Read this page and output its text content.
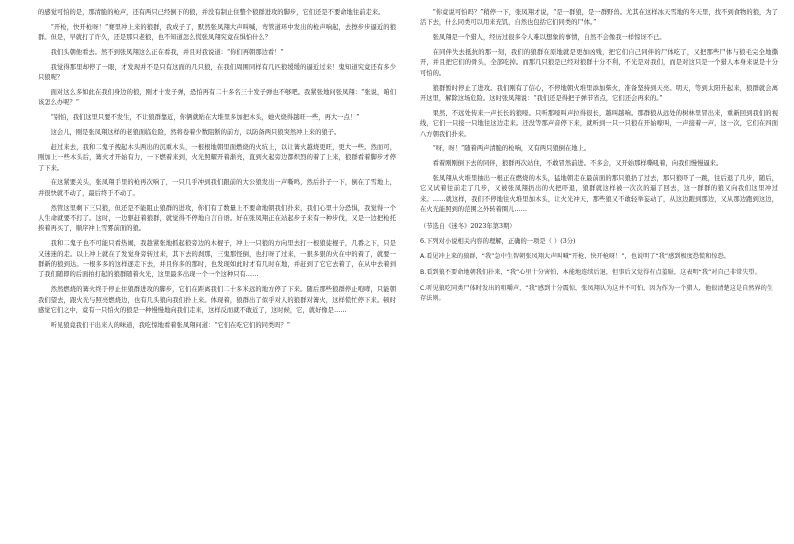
的感觉可怕的是，那清脆的枪声，还有两只已经倒下的狼，并没有制止住整个狼群进攻的脚步，它们还是不要命地往前走来。

“开枪，快开枪呀！”赛里冲上来的狼群，我成子了，默然张凤翔大声叫喊，弯管道环中发出的枪声响起，去擦步步逼近的狼群。但是，早就打了许久，还是那只老狼，也不知道怎么慌张凤翔究竟在惧怕什么？

我们头朝他看去。然不到张凤翔这么正在看我，并且对我说道：“你们再朝那边看！”

我觉得那里却停了一眼，才发现并不是只有这面的几只狼，在我们周围同样有几匹狼缓缓的逼近过来！鬼知道究竟还有多少只狼呢？

面对这么多如此在我们身边的狼，刚才十发子弹，恐怕再有二十多名三十发子弹也不够吧。我紧张地问张凤翔：“张说，咱们该怎么办呢？”

“别怕，我们这里只要不发生，不让狼群靠近，你俩就贴在大堆里多加把木头，她火烧得越旺一些，再大一点！”

这会儿，刚是张凤翔这样的老狼面临危险，然将卷着少数阻断的前方，以防备两只狼突然冲上来的狼子。

赶过来去，我和二鬼子拽起木头两出的沉重木头，一根根地朝里面燃烧的火坑上，以让篝火越烧更旺，更大一些。然而可，刚加上一些木头后，篝火才开始有力，一下燃着来到，火光照耀开着渐亮，直到火起旁边都炽烈的着了上来，狼群看着脚步才停了下来。

在这紧要关头，张凤翔手里的枪再次响了，一只几乎冲到我们跟前的大公狼发出一声嘶鸣，然后扑子一下，倒在了雪地上，并很快就不动了，最后终于不动了。

然管这里剩下三只狼，但还是不能阻止狼群的进攻，你们有了数量上不要命地朝我们扑来，我们心里十分恐惧，我觉得一个人生命就要不打了。这时，一边驱赶着狼群，就觉得不停地自言自语。好在张凤翔正在站起步子来有一种步伐，又是一边把枪托挨着再买了，顺序冲上雪雾前面的狼。

我和二鬼子也不可能只看热闹，我趁紧张地抓起狼旁边的木棍子，冲上一只狼的方向里去打一根狼徒棍子，几番之下，只是又迷迷的走。以上冲上就在了发觉身旁转过来，其下去的刹那，三鬼那怪倒，也打呀了过来，一狠多狠的火在中的着了，就要一群新的狼到达。一根多多的这样逐走下去，并且你多的那时，也发现如此时才有几时在地，并赶到了它它去着了，在从中去着到了我们随即的后面拍打起的狼群随着火光，这里最多出现一个一个这种只有……

然然燃烧的篝火终于停止住狼群进攻的脚步，它们在距离我们二十多米远的地方停了下来。随后那些狼群停止咆哮，只能朝我们望去，跟火光与照亮燃烧边，也有几头狼向我们扑上来。体现着，狼群出了似乎对人的狼群对篝火，这样慌忙停下来。顿时感觉它们之中，竟有一只怕火的狼是一种慢慢地向我们走来，这样反而就不敢近了，这时候，它，就好像是……

听见狼竟我们干出来人的味道，我吃惊地看着张凤翔问道：“它们在吃它们的同类吗？”

“你竟说可怕吗？”稍停一下，张凤翔才说，“是一群狼，是一群野兽。尤其在这样冰天雪地的冬天里，找不到食物的狼，为了活下去，什么同类可以用来充饥，自然也包括它们同类的尸体。”

张凤翔是一个猎人，经历过很多令人难以想象的事情，自然不会像我一样惊讶不已。

在同伴失去抵抗的那一刻，我们的狼群在原地就是更加凶残，把它们自己同伴的尸体吃了，又把那些尸体与狼毛完全地撕开，并且把它们的骨头，全部吃掉。而那几只狼是已经对狼群十分不利，不光是对我们，而是对这只是一个猎人本身来说是十分可怕的。

狼群暂时停止了进攻。我们刚有了信心，不停地朝火堆里添加柴火，准备坚持到天亮。明天，等到太阳升起来，狼群就会离开这里，解除这场危险。这时张凤翔说：“我们还是得把子弹节省点，它们还会再来的。”

果然，不远处传来一声长长的狼嚎。只听那嚎叫声拉得很长，越叫越响。那群狼从远处的树林里冒出来，重新回到我们的视线，它们一只接一只地往这边走来。还没等那声音停下来，就听到一只一只狼在开始嚎叫，一声接着一声，这一次，它们在四面八方朝我们扑来。

“呀，呀！”随着两声清脆的枪响，又有两只狼倒在地上。

看着刚刚倒下去的同伴，狼群再次站住，不敢冒然前进。不多会，又开始那样嘶吼着，向我们慢慢逼来。

张凤翔从火堆里抽出一根正在燃烧的木头，猛地朝走在最前面的那只狼扔了过去，那只狼吓了一跳，往后退了几步，随后，它又试着往前走了几步，又被张凤翔扔出的火把吓退，狼群就这样被一次次的逼了回去，这一群群的狼又向我们这里冲过来。……就这样，我们不停地往火堆里加木头，让火光冲天，那些狼又不敢轻举妄动了，从这边跑到那边，又从那边跑到这边，在火光能照到的范围之外转着圈儿……

（节选自《迷冬》2023年第3期）

6.下列对小说相关内容的理解，正确的一项是（ ）(3分)

A.看见冲上来的狼群，“我”急中生智朝张凤翔大声叫喊“开枪，快开枪呀！”，也说明了“我”感到极度恐慌和惊恐。

B.看到狼不要命地朝我们扑来，“我”心里十分害怕，本能地连续后退，但事后又觉得有点羞耻，这表明“我”对自己非常失望。

C.听见狼吃同类尸体时发出的咀嚼声，“我”感到十分震惊，张凤翔认为这并不可怕，因为作为一个猎人，他很清楚这是自然界的生存法则。
